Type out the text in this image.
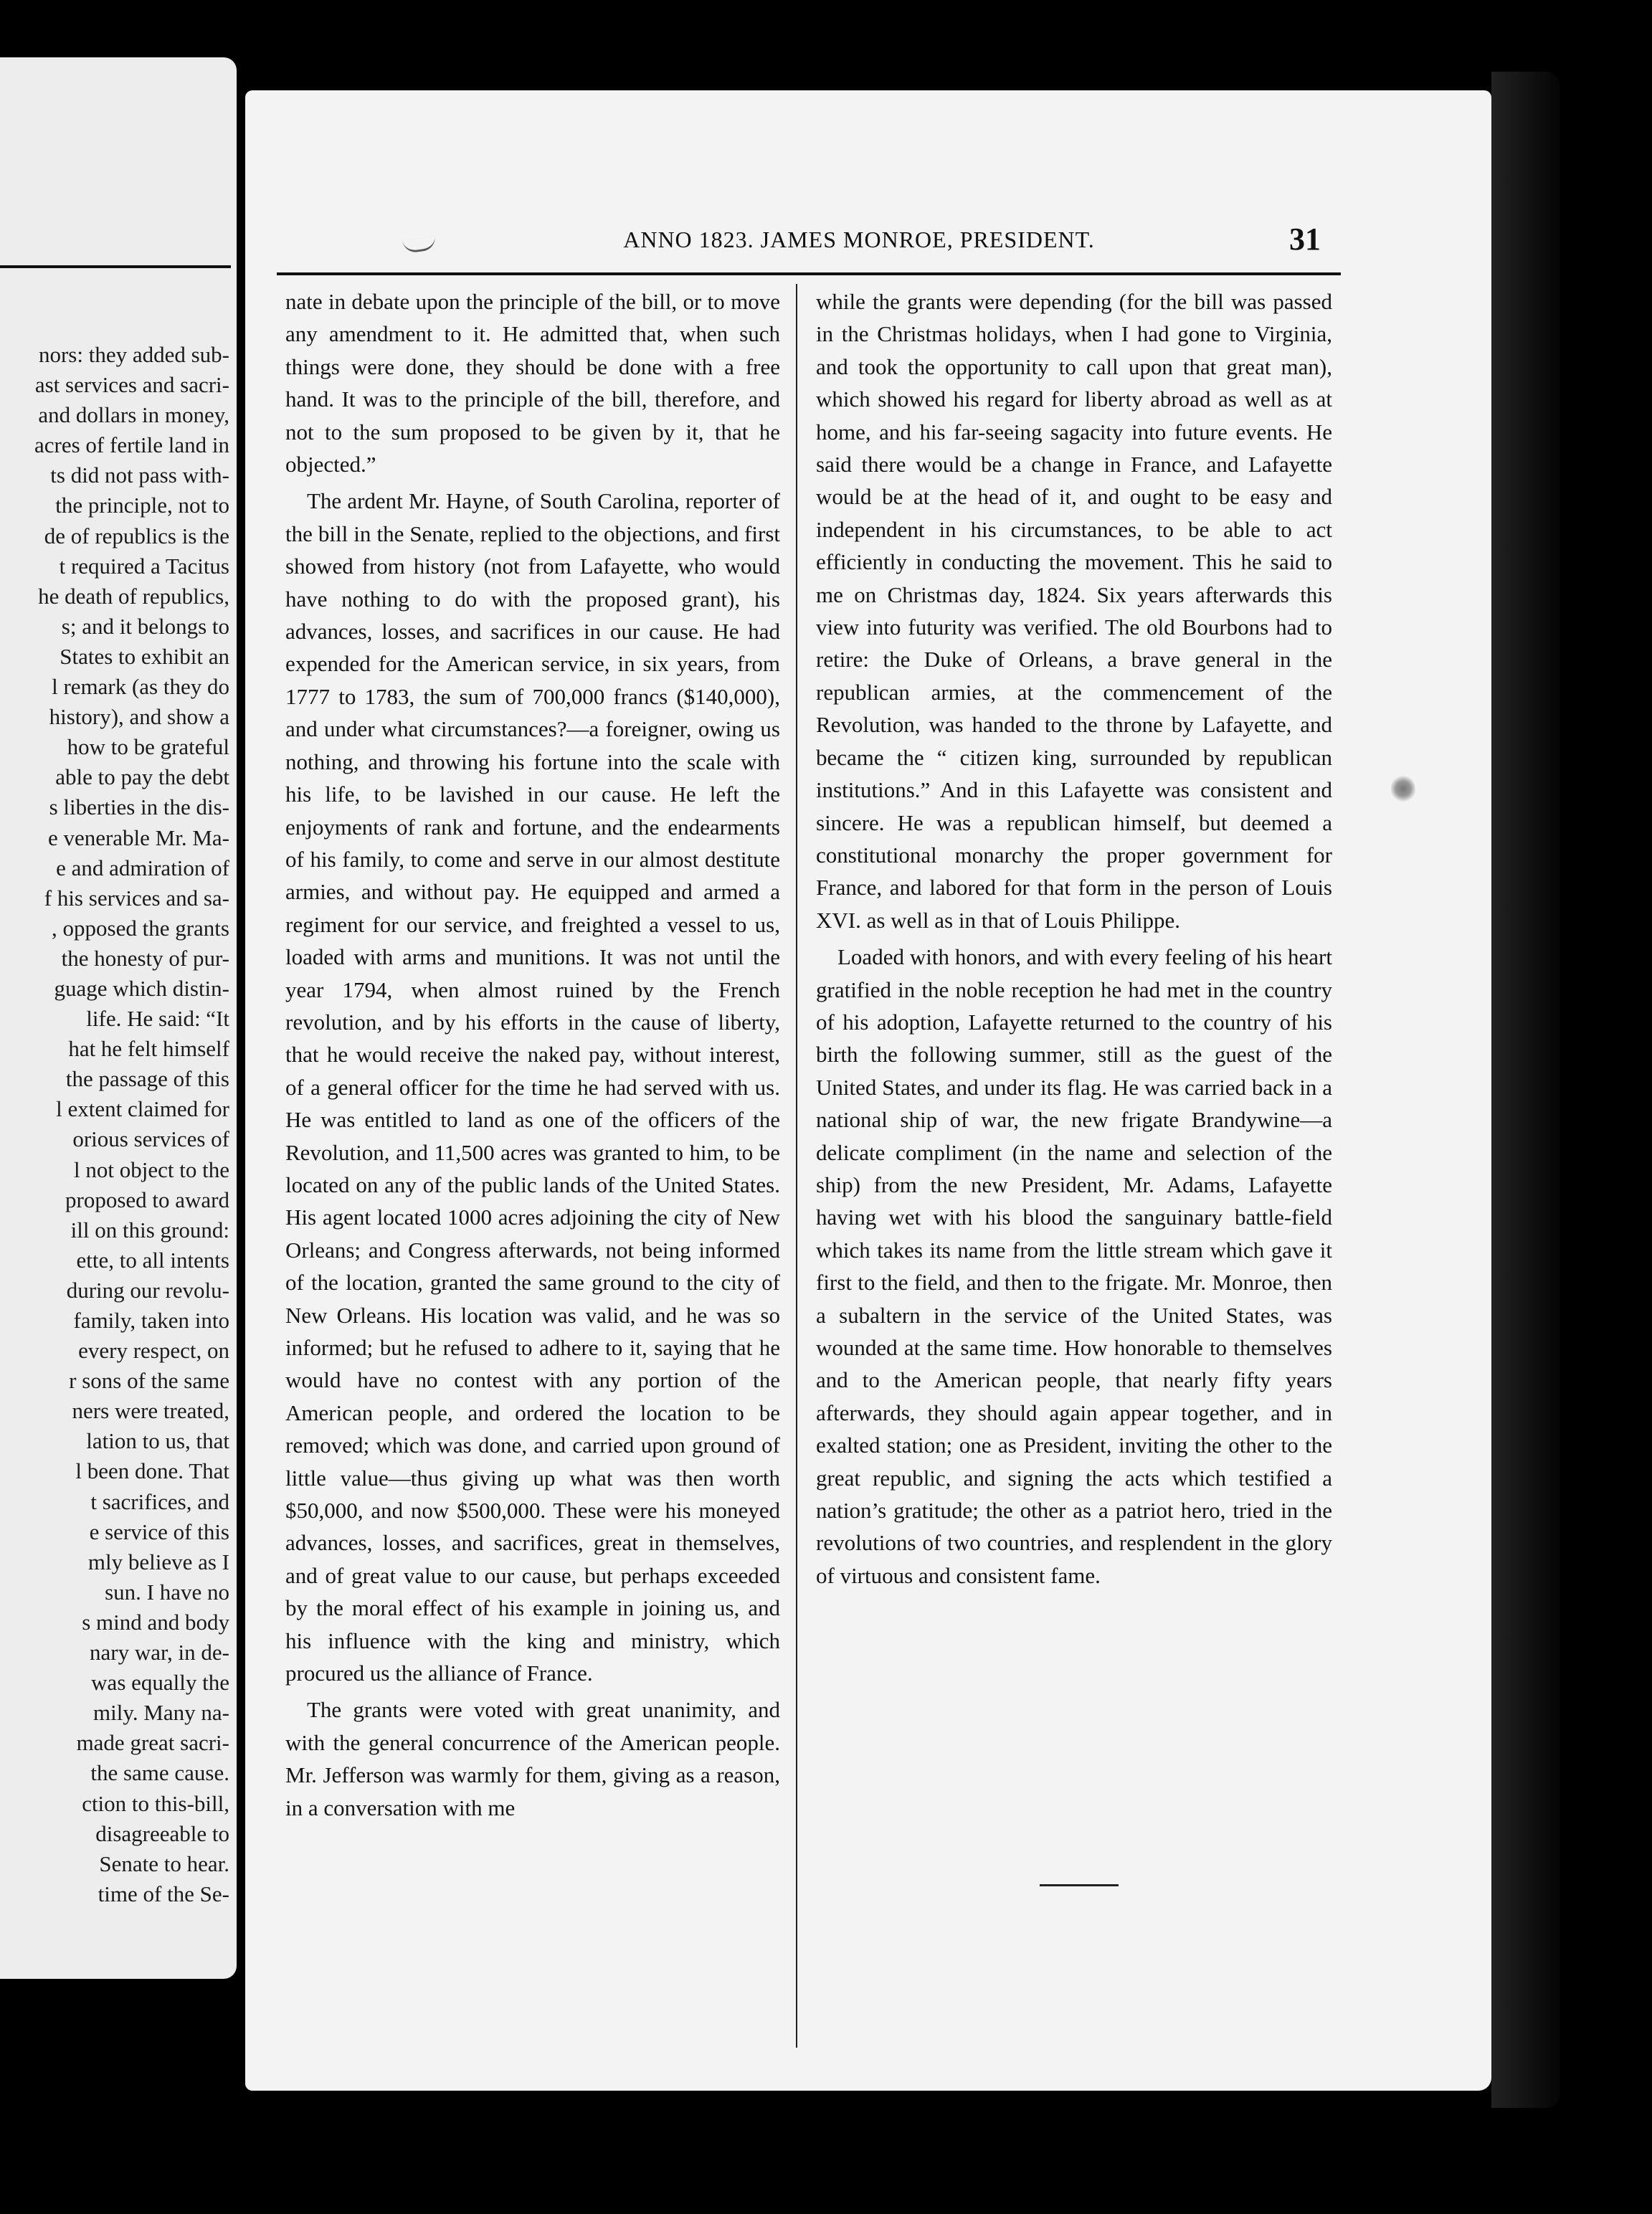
nors: they added sub-
ast services and sacri-
and dollars in money,
acres of fertile land in
ts did not pass with-
the principle, not to
de of republics is the
t required a Tacitus
he death of republics,
s; and it belongs to
States to exhibit an
l remark (as they do
history), and show a
how to be grateful
able to pay the debt
s liberties in the dis-
e venerable Mr. Ma-
e and admiration of
f his services and sa-
, opposed the grants
the honesty of pur-
guage which distin-
life. He said: “It
hat he felt himself
the passage of this
l extent claimed for
orious services of
l not object to the
proposed to award
ill on this ground:
ette, to all intents
during our revolu-
family, taken into
every respect, on
r sons of the same
ners were treated,
lation to us, that
l been done. That
t sacrifices, and
e service of this
mly believe as I
sun. I have no
s mind and body
nary war, in de-
was equally the
mily. Many na-
made great sacri-
the same cause.
ction to this-bill,
disagreeable to
Senate to hear.
time of the Se-
ANNO 1823. JAMES MONROE, PRESIDENT.	31

nate in debate upon the principle of the bill, or to move any amendment to it. He admitted that, when such things were done, they should be done with a free hand. It was to the principle of the bill, therefore, and not to the sum proposed to be given by it, that he objected.”

The ardent Mr. Hayne, of South Carolina, reporter of the bill in the Senate, replied to the objections, and first showed from history (not from Lafayette, who would have nothing to do with the proposed grant), his advances, losses, and sacrifices in our cause. He had expended for the American service, in six years, from 1777 to 1783, the sum of 700,000 francs ($140,000), and under what circumstances?—a foreigner, owing us nothing, and throwing his fortune into the scale with his life, to be lavished in our cause. He left the enjoyments of rank and fortune, and the endearments of his family, to come and serve in our almost destitute armies, and without pay. He equipped and armed a regiment for our service, and freighted a vessel to us, loaded with arms and munitions. It was not until the year 1794, when almost ruined by the French revolution, and by his efforts in the cause of liberty, that he would receive the naked pay, without interest, of a general officer for the time he had served with us. He was entitled to land as one of the officers of the Revolution, and 11,500 acres was granted to him, to be located on any of the public lands of the United States. His agent located 1000 acres adjoining the city of New Orleans; and Congress afterwards, not being informed of the location, granted the same ground to the city of New Orleans. His location was valid, and he was so informed; but he refused to adhere to it, saying that he would have no contest with any portion of the American people, and ordered the location to be removed; which was done, and carried upon ground of little value—thus giving up what was then worth $50,000, and now $500,000. These were his moneyed advances, losses, and sacrifices, great in themselves, and of great value to our cause, but perhaps exceeded by the moral effect of his example in joining us, and his influence with the king and ministry, which procured us the alliance of France.

The grants were voted with great unanimity, and with the general concurrence of the American people. Mr. Jefferson was warmly for them, giving as a reason, in a conversation with me

while the grants were depending (for the bill was passed in the Christmas holidays, when I had gone to Virginia, and took the opportunity to call upon that great man), which showed his regard for liberty abroad as well as at home, and his far-seeing sagacity into future events. He said there would be a change in France, and Lafayette would be at the head of it, and ought to be easy and independent in his circumstances, to be able to act efficiently in conducting the movement. This he said to me on Christmas day, 1824. Six years afterwards this view into futurity was verified. The old Bourbons had to retire: the Duke of Orleans, a brave general in the republican armies, at the commencement of the Revolution, was handed to the throne by Lafayette, and became the “ citizen king, surrounded by republican institutions.” And in this Lafayette was consistent and sincere. He was a republican himself, but deemed a constitutional monarchy the proper government for France, and labored for that form in the person of Louis XVI. as well as in that of Louis Philippe.

Loaded with honors, and with every feeling of his heart gratified in the noble reception he had met in the country of his adoption, Lafayette returned to the country of his birth the following summer, still as the guest of the United States, and under its flag. He was carried back in a national ship of war, the new frigate Brandywine—a delicate compliment (in the name and selection of the ship) from the new President, Mr. Adams, Lafayette having wet with his blood the sanguinary battle-field which takes its name from the little stream which gave it first to the field, and then to the frigate. Mr. Monroe, then a subaltern in the service of the United States, was wounded at the same time. How honorable to themselves and to the American people, that nearly fifty years afterwards, they should again appear together, and in exalted station; one as President, inviting the other to the great republic, and signing the acts which testified a nation’s gratitude; the other as a patriot hero, tried in the revolutions of two countries, and resplendent in the glory of virtuous and consistent fame.
